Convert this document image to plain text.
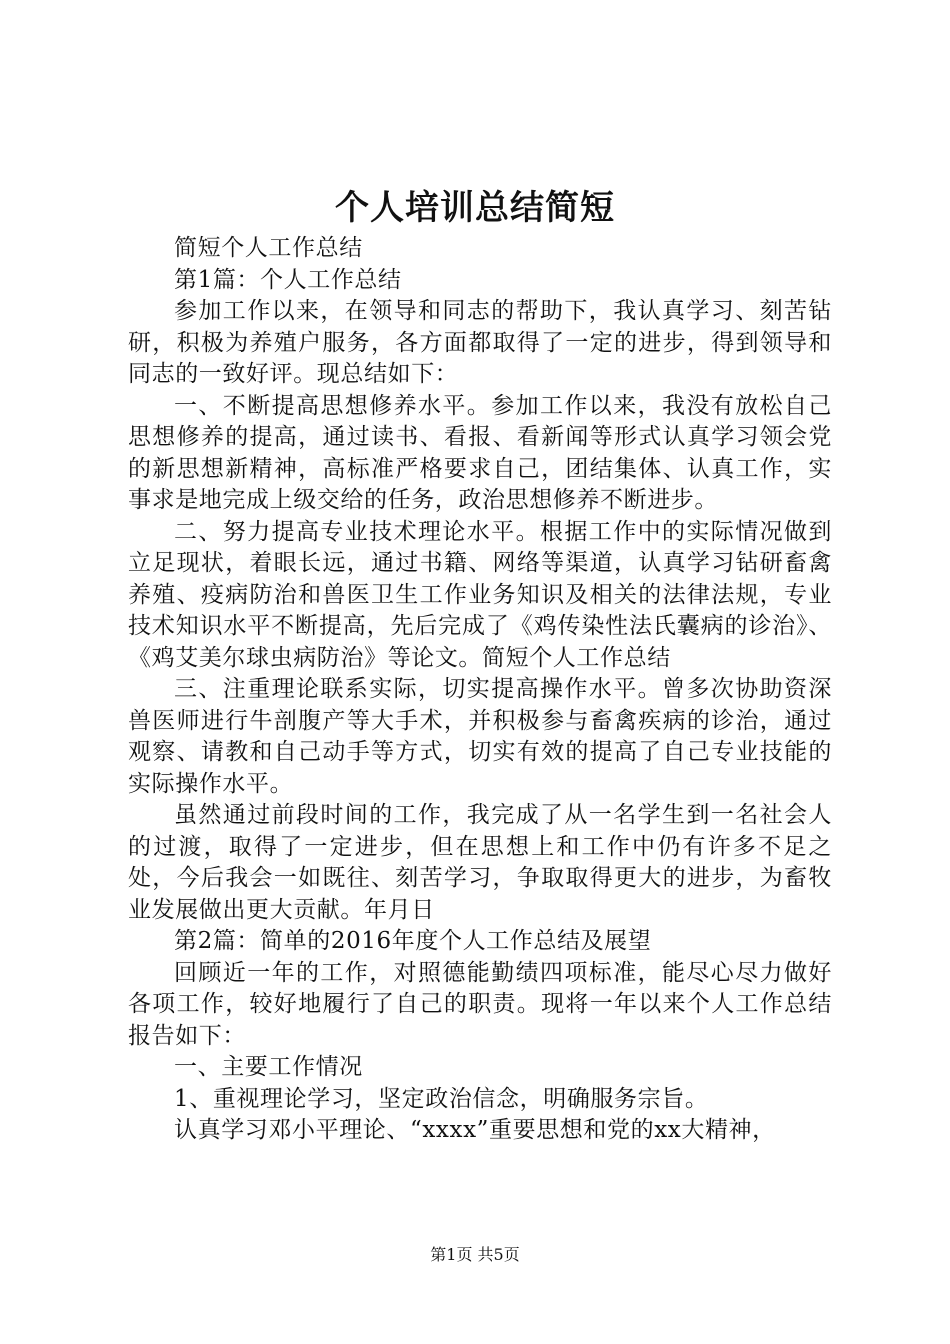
个人培训总结简短

简短个人工作总结

第1篇：个人工作总结

参加工作以来，在领导和同志的帮助下，我认真学习、刻苦钻研，积极为养殖户服务，各方面都取得了一定的进步，得到领导和同志的一致好评。现总结如下：

一、不断提高思想修养水平。参加工作以来，我没有放松自己思想修养的提高，通过读书、看报、看新闻等形式认真学习领会党的新思想新精神，高标准严格要求自己，团结集体、认真工作，实事求是地完成上级交给的任务，政治思想修养不断进步。

二、努力提高专业技术理论水平。根据工作中的实际情况做到立足现状，着眼长远，通过书籍、网络等渠道，认真学习钻研畜禽养殖、疫病防治和兽医卫生工作业务知识及相关的法律法规，专业技术知识水平不断提高，先后完成了《鸡传染性法氏囊病的诊治》、《鸡艾美尔球虫病防治》等论文。简短个人工作总结

三、注重理论联系实际，切实提高操作水平。曾多次协助资深兽医师进行牛剖腹产等大手术，并积极参与畜禽疾病的诊治，通过观察、请教和自己动手等方式，切实有效的提高了自己专业技能的实际操作水平。

虽然通过前段时间的工作，我完成了从一名学生到一名社会人的过渡，取得了一定进步，但在思想上和工作中仍有许多不足之处，今后我会一如既往、刻苦学习，争取取得更大的进步，为畜牧业发展做出更大贡献。年月日

第2篇：简单的2016年度个人工作总结及展望

回顾近一年的工作，对照德能勤绩四项标准，能尽心尽力做好各项工作，较好地履行了自己的职责。现将一年以来个人工作总结报告如下：

一、主要工作情况

1、重视理论学习，坚定政治信念，明确服务宗旨。

认真学习邓小平理论、“xxxx”重要思想和党的xx大精神，

第1页 共5页
